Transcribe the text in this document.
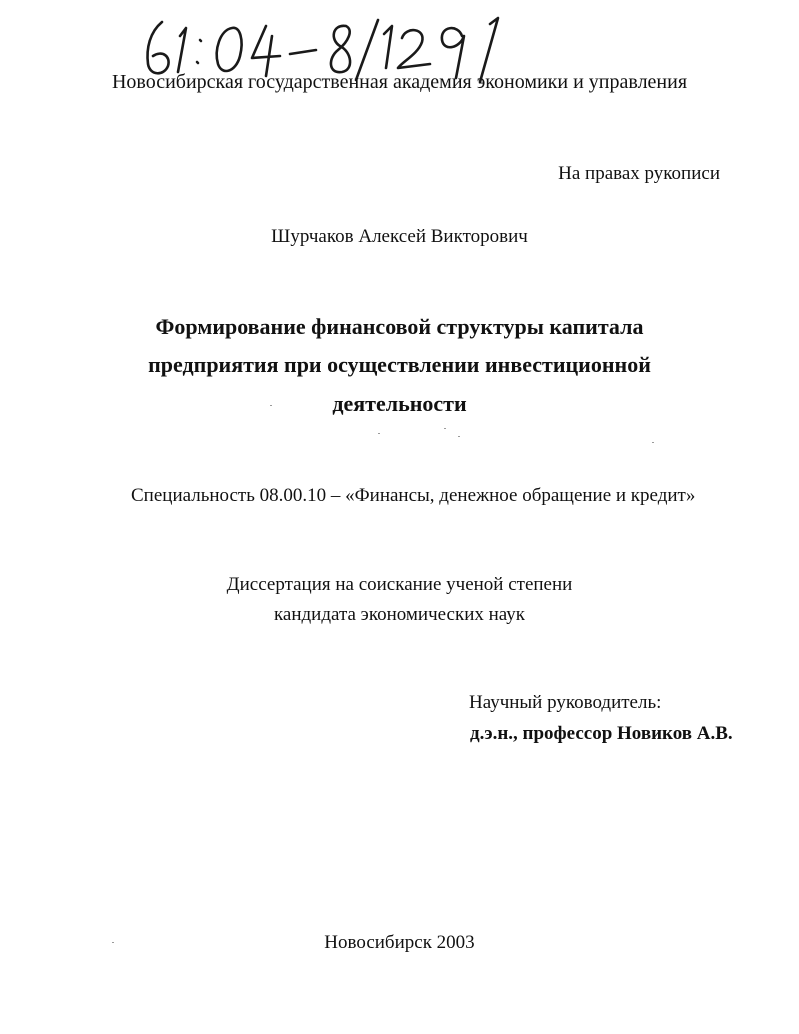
Новосибирская государственная академия экономики и управления
На правах рукописи
Шурчаков Алексей Викторович
Формирование финансовой структуры капитала
предприятия при осуществлении инвестиционной
деятельности
Специальность 08.00.10 – «Финансы, денежное обращение и кредит»
Диссертация на соискание ученой степени
кандидата экономических наук
Научный руководитель:
д.э.н., профессор Новиков А.В.
Новосибирск 2003
